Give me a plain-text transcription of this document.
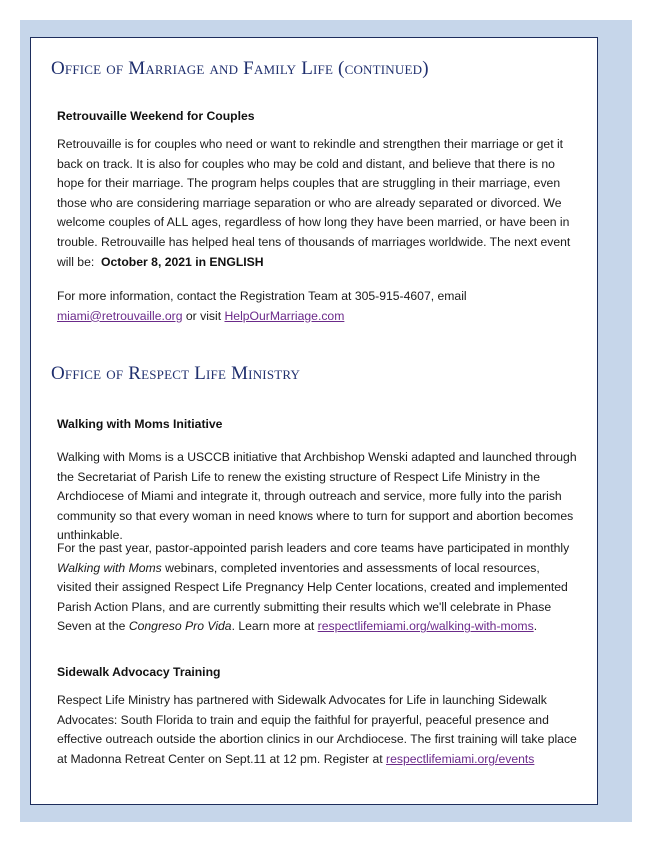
Office of Marriage and Family Life (continued)
Retrouvaille Weekend for Couples

Retrouvaille is for couples who need or want to rekindle and strengthen their marriage or get it back on track. It is also for couples who may be cold and distant, and believe that there is no hope for their marriage. The program helps couples that are struggling in their marriage, even those who are considering marriage separation or who are already separated or divorced. We welcome couples of ALL ages, regardless of how long they have been married, or have been in trouble. Retrouvaille has helped heal tens of thousands of marriages worldwide. The next event will be: October 8, 2021 in ENGLISH

For more information, contact the Registration Team at 305-915-4607, email
miami@retrouvaille.org or visit HelpOurMarriage.com

Office of Respect Life Ministry
Walking with Moms Initiative

Walking with Moms is a USCCB initiative that Archbishop Wenski adapted and launched through the Secretariat of Parish Life to renew the existing structure of Respect Life Ministry in the Archdiocese of Miami and integrate it, through outreach and service, more fully into the parish community so that every woman in need knows where to turn for support and abortion becomes unthinkable.

For the past year, pastor-appointed parish leaders and core teams have participated in monthly Walking with Moms webinars, completed inventories and assessments of local resources, visited their assigned Respect Life Pregnancy Help Center locations, created and implemented Parish Action Plans, and are currently submitting their results which we'll celebrate in Phase Seven at the Congreso Pro Vida. Learn more at respectlifemiami.org/walking-with-moms.

Sidewalk Advocacy Training

Respect Life Ministry has partnered with Sidewalk Advocates for Life in launching Sidewalk Advocates: South Florida to train and equip the faithful for prayerful, peaceful presence and effective outreach outside the abortion clinics in our Archdiocese. The first training will take place at Madonna Retreat Center on Sept.11 at 12 pm. Register at respectlifemiami.org/events
